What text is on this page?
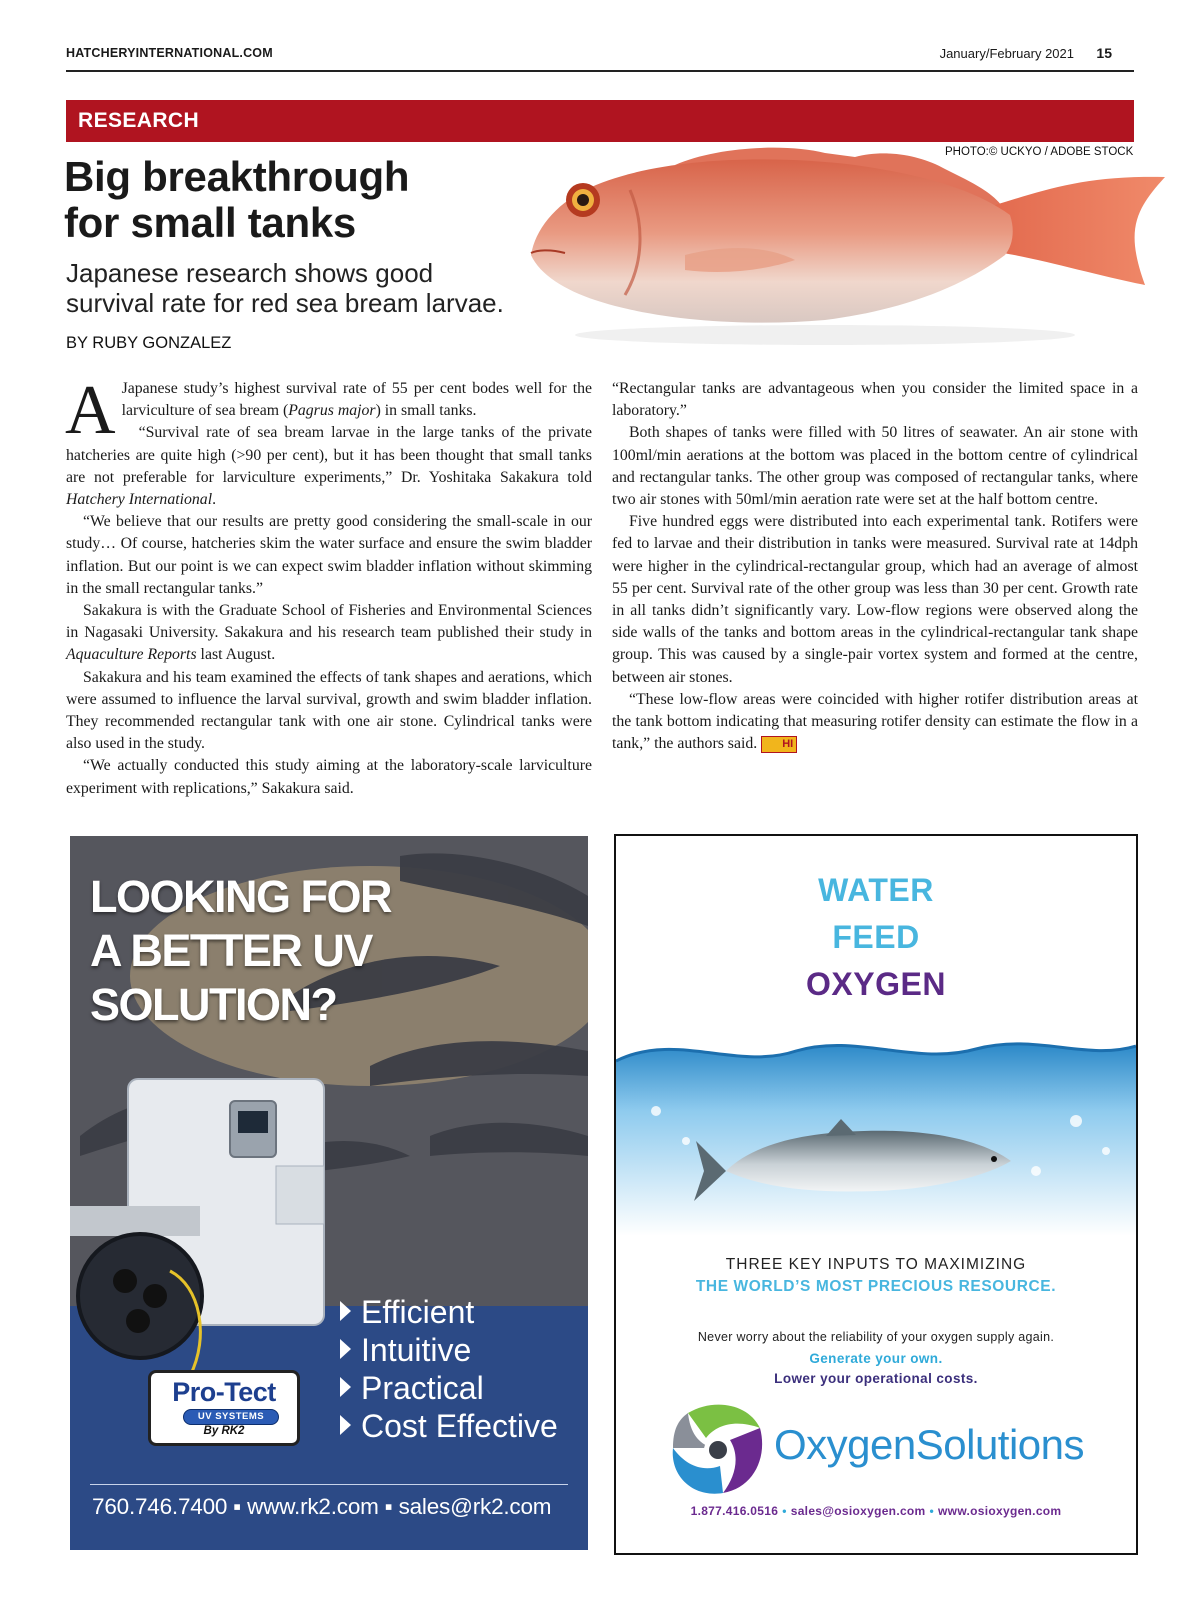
HATCHERYINTERNATIONAL.COM	January/February 2021 15
RESEARCH
PHOTO:© UCKYO / ADOBE STOCK
Big breakthrough
for small tanks
Japanese research shows good
survival rate for red sea bream larvae.
BY RUBY GONZALEZ

A Japanese study’s highest survival rate of 55 per cent bodes well for the larviculture of sea bream (Pagrus major) in small tanks.

“Survival rate of sea bream larvae in the large tanks of the private hatcheries are quite high (>90 per cent), but it has been thought that small tanks are not preferable for larviculture experiments,” Dr. Yoshitaka Sakakura told Hatchery International.

“We believe that our results are pretty good considering the small-scale in our study… Of course, hatcheries skim the water surface and ensure the swim bladder inflation. But our point is we can expect swim bladder inflation without skimming in the small rectangular tanks.”

Sakakura is with the Graduate School of Fisheries and Environmental Sciences in Nagasaki University. Sakakura and his research team published their study in Aquaculture Reports last August.

Sakakura and his team examined the effects of tank shapes and aerations, which were assumed to influence the larval survival, growth and swim bladder inflation. They recommended rectangular tank with one air stone. Cylindrical tanks were also used in the study.

“We actually conducted this study aiming at the laboratory-scale larviculture experiment with replications,” Sakakura said.

“Rectangular tanks are advantageous when you consider the limited space in a laboratory.”

Both shapes of tanks were filled with 50 litres of seawater. An air stone with 100ml/min aerations at the bottom was placed in the bottom centre of cylindrical and rectangular tanks. The other group was composed of rectangular tanks, where two air stones with 50ml/min aeration rate were set at the half bottom centre.

Five hundred eggs were distributed into each experimental tank. Rotifers were fed to larvae and their distribution in tanks were measured. Survival rate at 14dph were higher in the cylindrical-rectangular group, which had an average of almost 55 per cent. Survival rate of the other group was less than 30 per cent. Growth rate in all tanks didn’t significantly vary. Low-flow regions were observed along the side walls of the tanks and bottom areas in the cylindrical-rectangular tank shape group. This was caused by a single-pair vortex system and formed at the centre, between air stones.

“These low-flow areas were coincided with higher rotifer distribution areas at the tank bottom indicating that measuring rotifer density can estimate the flow in a tank,” the authors said. HI

LOOKING FOR
A BETTER UV
SOLUTION?
Pro-Tect
UV SYSTEMS
By RK2
Efficient
Intuitive
Practical
Cost Effective
760.746.7400 ▪ www.rk2.com ▪ sales@rk2.com
WATER
FEED
OXYGEN
THREE KEY INPUTS TO MAXIMIZING
THE WORLD’S MOST PRECIOUS RESOURCE.
Never worry about the reliability of your oxygen supply again.
Generate your own.
Lower your operational costs.
OxygenSolutions
1.877.416.0516 • sales@osioxygen.com • www.osioxygen.com
